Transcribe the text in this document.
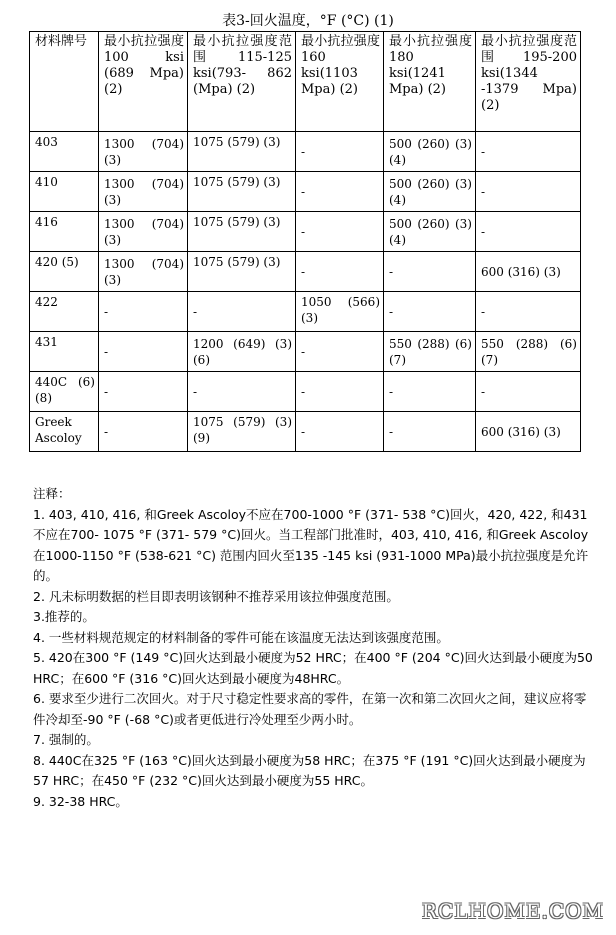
表3-回火温度，°F (°C) (1)
材料牌号	最小抗拉强度 100 ksi (689 Mpa) (2)	最小抗拉强度范围 115-125 ksi(793- 862 (Mpa) (2)	最小抗拉强度 160 ksi(1103 Mpa) (2)	最小抗拉强度 180 ksi(1241 Mpa) (2)	最小抗拉强度范围 195-200 ksi(1344 -1379 Mpa) (2)
403	1300 (704) (3)	1075 (579) (3)	-	500 (260) (3)(4)	-
410	1300 (704) (3)	1075 (579) (3)	-	500 (260) (3)(4)	-
416	1300 (704) (3)	1075 (579) (3)	-	500 (260) (3)(4)	-
420 (5)	1300 (704) (3)	1075 (579) (3)	-	-	600 (316) (3)
422	-	-	1050 (566) (3)	-	-
431	-	1200 (649) (3)(6)	-	550 (288) (6)(7)	550 (288) (6)(7)
440C (6)(8)	-	-	-	-	-
Greek Ascoloy	-	1075 (579) (3)(9)	-	-	600 (316) (3)
注释：
1. 403, 410, 416, 和Greek Ascoloy不应在700-1000 °F (371- 538 °C)回火，420, 422, 和431不应在700- 1075 °F (371- 579 °C)回火。当工程部门批准时，403, 410, 416, 和Greek Ascoloy在1000-1150 °F (538-621 °C) 范围内回火至135 -145 ksi (931-1000 MPa)最小抗拉强度是允许的。
2. 凡未标明数据的栏目即表明该钢种不推荐采用该拉伸强度范围。
3.推荐的。
4. 一些材料规范规定的材料制备的零件可能在该温度无法达到该强度范围。
5. 420在300 °F (149 °C)回火达到最小硬度为52 HRC；在400 °F (204 °C)回火达到最小硬度为50 HRC；在600 °F (316 °C)回火达到最小硬度为48HRC。
6. 要求至少进行二次回火。对于尺寸稳定性要求高的零件，在第一次和第二次回火之间，建议应将零件冷却至-90 °F (-68 °C)或者更低进行冷处理至少两小时。
7. 强制的。
8. 440C在325 °F (163 °C)回火达到最小硬度为58 HRC；在375 °F (191 °C)回火达到最小硬度为57 HRC；在450 °F (232 °C)回火达到最小硬度为55 HRC。
9. 32-38 HRC。
RCLHOME.COM
